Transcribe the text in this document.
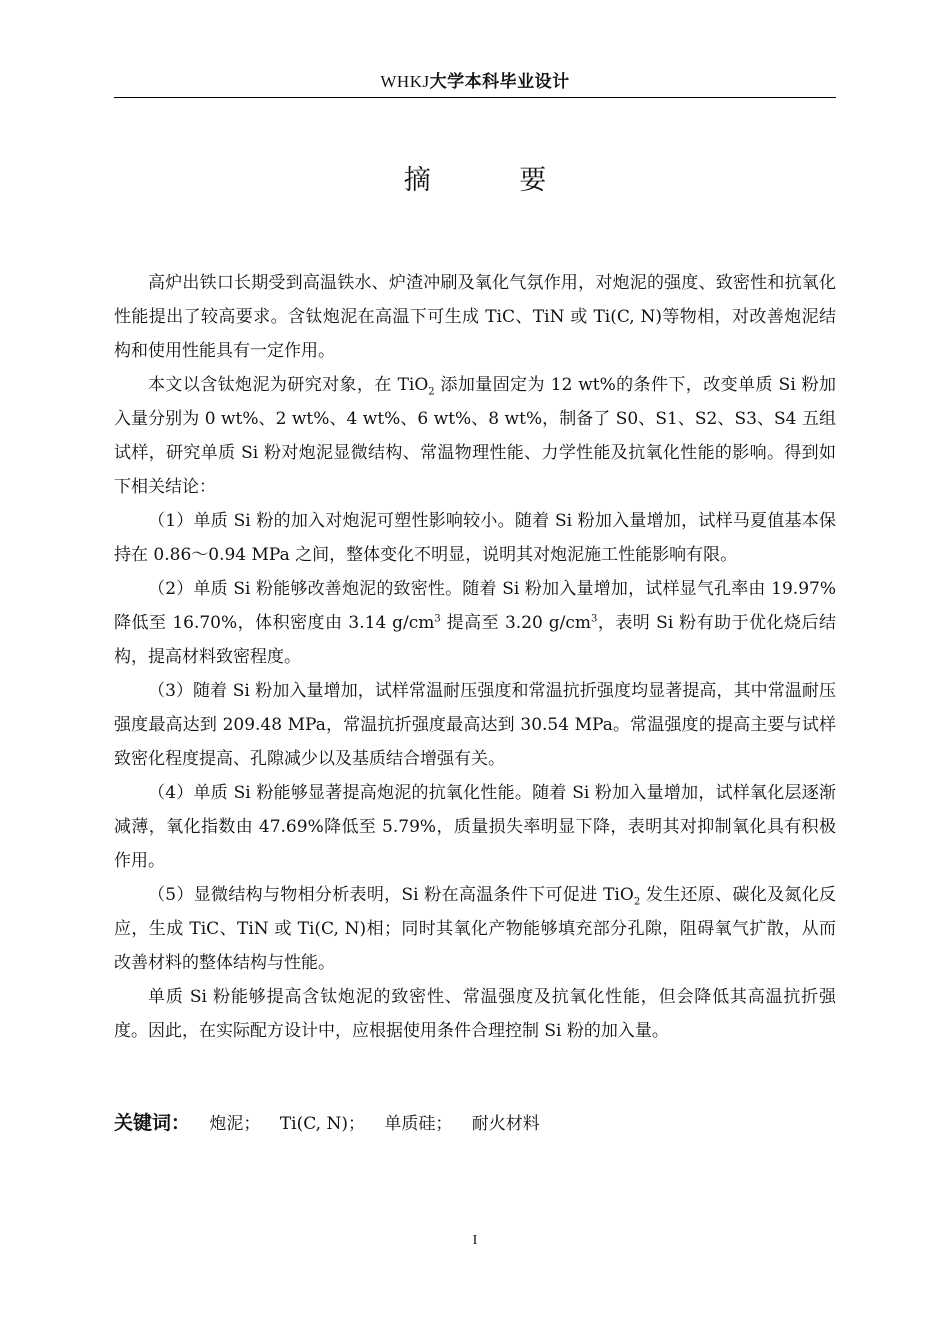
WHKJ大学本科毕业设计
摘 要

高炉出铁口长期受到高温铁水、炉渣冲刷及氧化气氛作用，对炮泥的强度、致密性和抗氧化性能提出了较高要求。含钛炮泥在高温下可生成 TiC、TiN 或 Ti(C, N)等物相，对改善炮泥结构和使用性能具有一定作用。

本文以含钛炮泥为研究对象，在 TiO$_2$ 添加量固定为 12 wt%的条件下，改变单质 Si 粉加入量分别为 0 wt%、2 wt%、4 wt%、6 wt%、8 wt%，制备了 S0、S1、S2、S3、S4 五组试样，研究单质 Si 粉对炮泥显微结构、常温物理性能、力学性能及抗氧化性能的影响。得到如下相关结论：

（1）单质 Si 粉的加入对炮泥可塑性影响较小。随着 Si 粉加入量增加，试样马夏值基本保持在 0.86～0.94 MPa 之间，整体变化不明显，说明其对炮泥施工性能影响有限。

（2）单质 Si 粉能够改善炮泥的致密性。随着 Si 粉加入量增加，试样显气孔率由 19.97%降低至 16.70%，体积密度由 3.14 $g/cm^3$ 提高至 3.20 $g/cm^3$，表明 Si 粉有助于优化烧后结构，提高材料致密程度。

（3）随着 Si 粉加入量增加，试样常温耐压强度和常温抗折强度均显著提高，其中常温耐压强度最高达到 209.48 MPa，常温抗折强度最高达到 30.54 MPa。常温强度的提高主要与试样致密化程度提高、孔隙减少以及基质结合增强有关。

（4）单质 Si 粉能够显著提高炮泥的抗氧化性能。随着 Si 粉加入量增加，试样氧化层逐渐减薄，氧化指数由 47.69%降低至 5.79%，质量损失率明显下降，表明其对抑制氧化具有积极作用。

（5）显微结构与物相分析表明，Si 粉在高温条件下可促进 TiO$_2$ 发生还原、碳化及氮化反应，生成 TiC、TiN 或 Ti(C, N)相；同时其氧化产物能够填充部分孔隙，阻碍氧气扩散，从而改善材料的整体结构与性能。

单质 Si 粉能够提高含钛炮泥的致密性、常温强度及抗氧化性能，但会降低其高温抗折强度。因此，在实际配方设计中，应根据使用条件合理控制 Si 粉的加入量。

关键词： 炮泥； Ti(C, N)； 单质硅； 耐火材料
I
